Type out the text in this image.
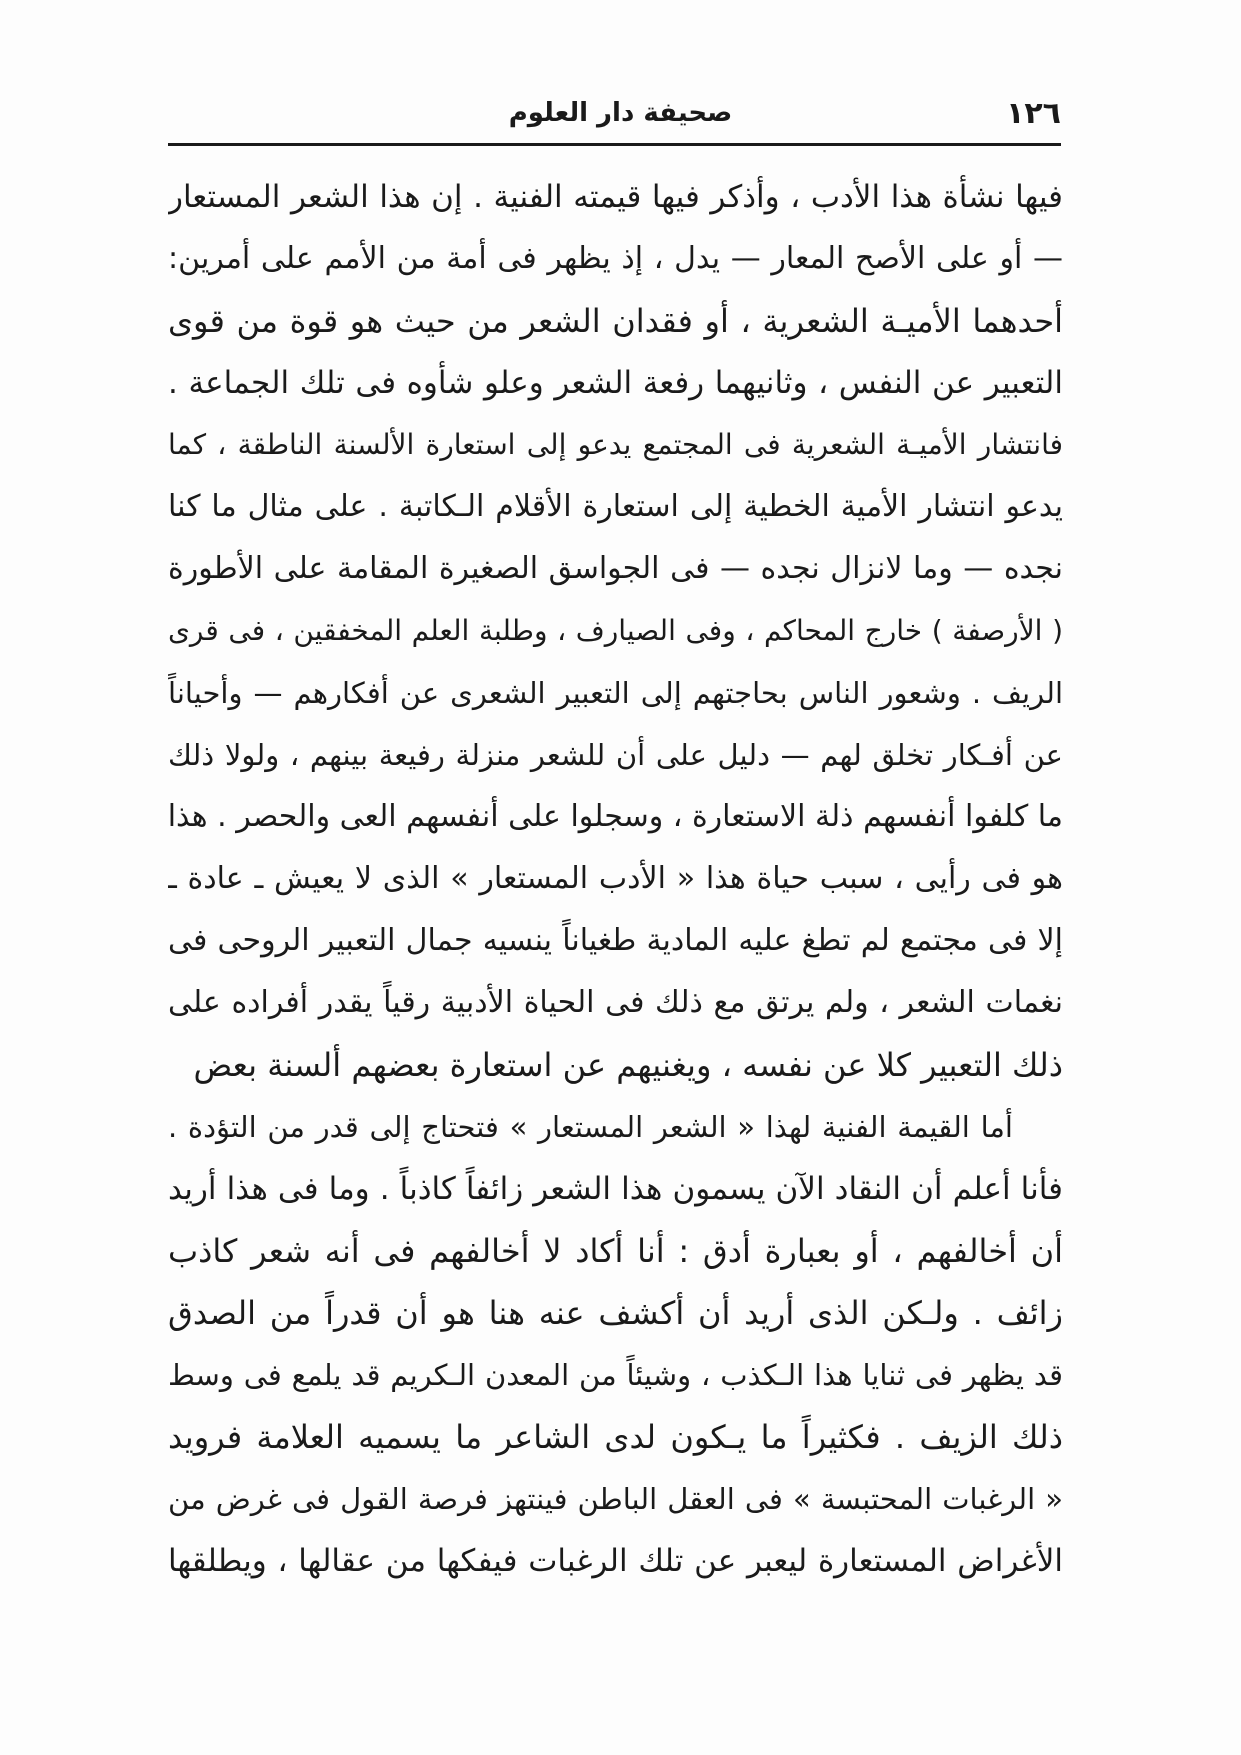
صحيفة دار العلوم	١٢٦
فيها نشأة هذا الأدب ، وأذكر فيها قيمته الفنية . إن هذا الشعر المستعار
— أو على الأصح المعار — يدل ، إذ يظهر فى أمة من الأمم على أمرين:
أحدهما الأميـة الشعرية ، أو فقدان الشعر من حيث هو قوة من قوى
التعبير عن النفس ، وثانيهما رفعة الشعر وعلو شأوه فى تلك الجماعة .
فانتشار الأميـة الشعرية فى المجتمع يدعو إلى استعارة الألسنة الناطقة ، كما
يدعو انتشار الأمية الخطية إلى استعارة الأقلام الـكاتبة . على مثال ما كنا
نجده — وما لانزال نجده — فى الجواسق الصغيرة المقامة على الأطورة
( الأرصفة ) خارج المحاكم ، وفى الصيارف ، وطلبة العلم المخفقين ، فى قرى
الريف . وشعور الناس بحاجتهم إلى التعبير الشعرى عن أفكارهم — وأحياناً
عن أفـكار تخلق لهم — دليل على أن للشعر منزلة رفيعة بينهم ، ولولا ذلك
ما كلفوا أنفسهم ذلة الاستعارة ، وسجلوا على أنفسهم العى والحصر . هذا
هو فى رأيى ، سبب حياة هذا « الأدب المستعار » الذى لا يعيش ـ عادة ـ
إلا فى مجتمع لم تطغ عليه المادية طغياناً ينسيه جمال التعبير الروحى فى
نغمات الشعر ، ولم يرتق مع ذلك فى الحياة الأدبية رقياً يقدر أفراده على
ذلك التعبير كلا عن نفسه ، ويغنيهم عن استعارة بعضهم ألسنة بعض
أما القيمة الفنية لهذا « الشعر المستعار » فتحتاج إلى قدر من التؤدة .
فأنا أعلم أن النقاد الآن يسمون هذا الشعر زائفاً كاذباً . وما فى هذا أريد
أن أخالفهم ، أو بعبارة أدق : أنا أكاد لا أخالفهم فى أنه شعر كاذب
زائف . ولـكن الذى أريد أن أكشف عنه هنا هو أن قدراً من الصدق
قد يظهر فى ثنايا هذا الـكذب ، وشيئاً من المعدن الـكريم قد يلمع فى وسط
ذلك الزيف . فكثيراً ما يـكون لدى الشاعر ما يسميه العلامة فرويد
« الرغبات المحتبسة » فى العقل الباطن فينتهز فرصة القول فى غرض من
الأغراض المستعارة ليعبر عن تلك الرغبات فيفكها من عقالها ، ويطلقها
